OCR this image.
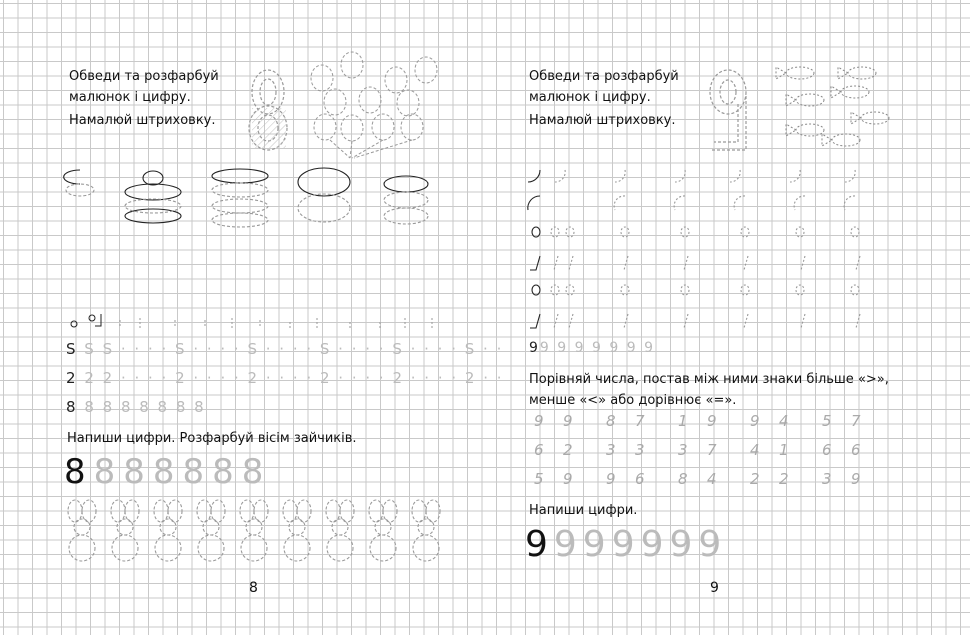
Обведи та розфарбуй
малюнок і цифру.
Намалюй штриховку.
Напиши цифри. Розфарбуй вісім зайчиків.
8
Обведи та розфарбуй
малюнок і цифру.
Намалюй штриховку.
Порівняй числа, постав між ними знаки більше «>»,
менше «<» або дорівнює «=».
Напиши цифри.
9
S S S · · · · S · · · · S · · · · S · · · · S · · · · S · ·
2 2 2 · · · · 2 · · · · 2 · · · · 2 · · · · 2 · · · · 2 · ·
8 8 8 8 8 8 8 8
8888888
99 9 9 9 9 9 9
9999999
9 9 8 7 1 9 9 4 5 7
6 2 3 3 3 7 4 1 6 6
5 9 9 6 8 4 2 2 3 9
